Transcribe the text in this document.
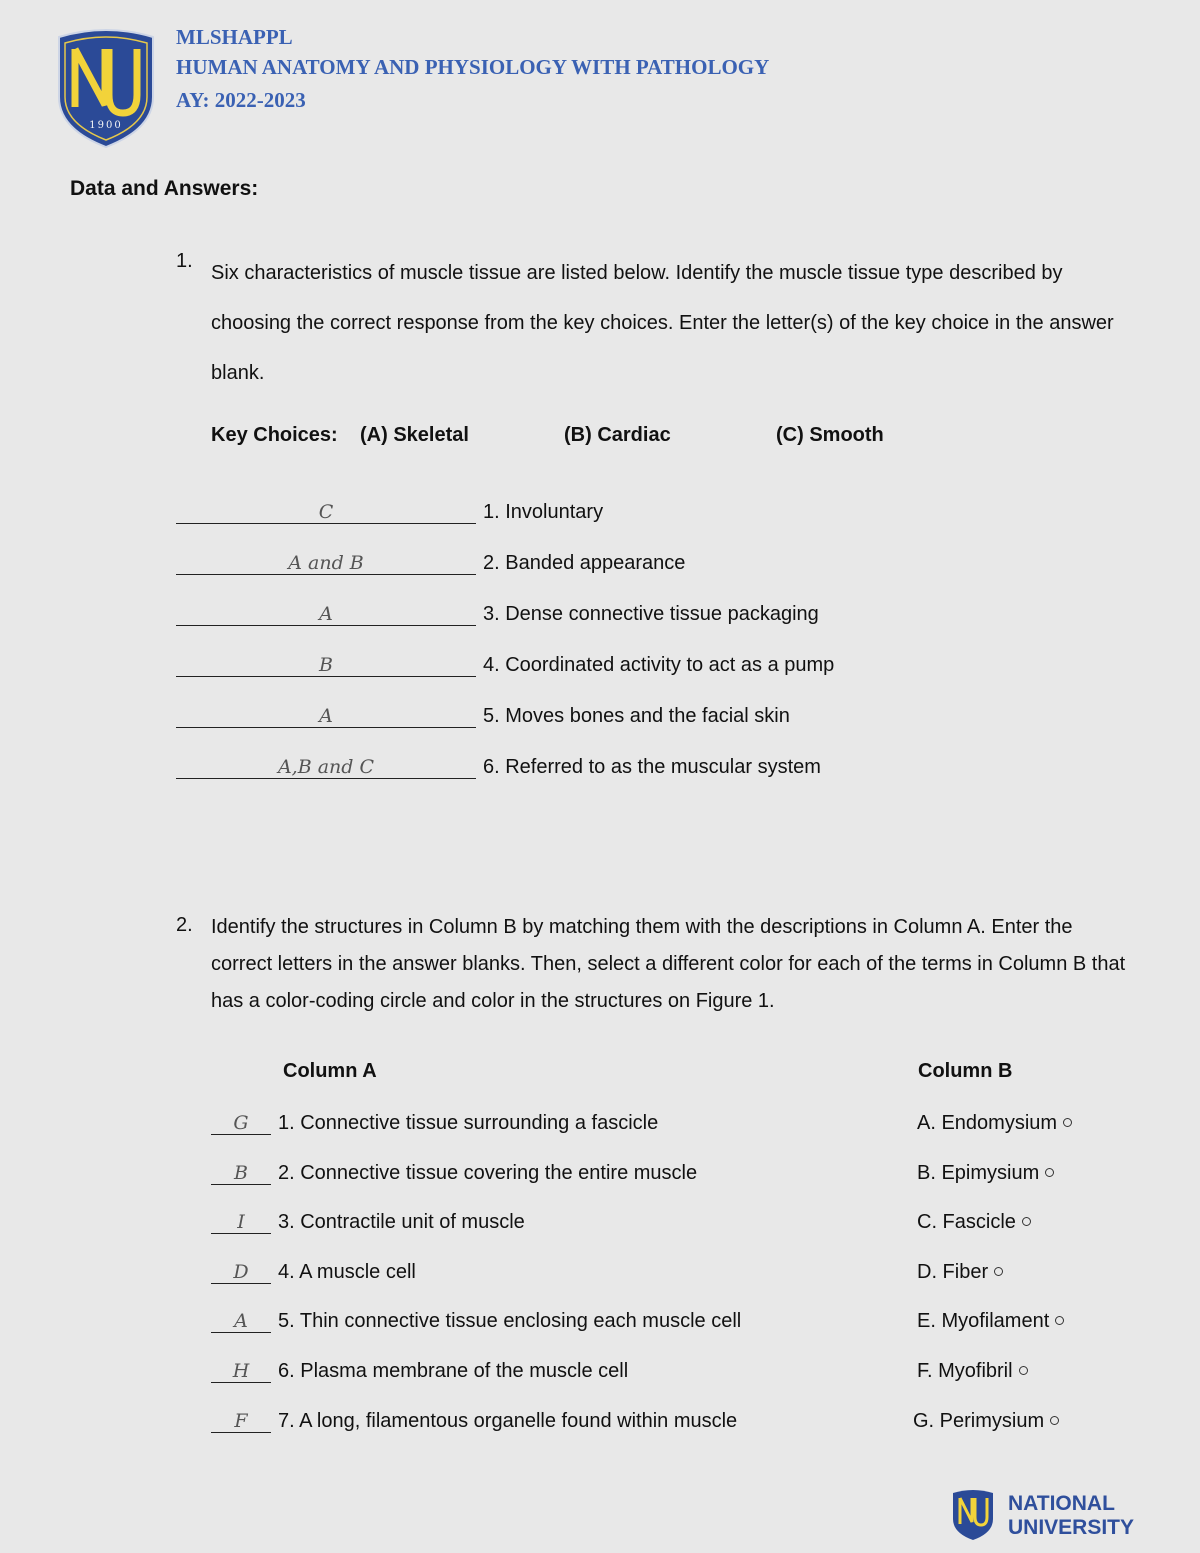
1900
MLSHAPPL
HUMAN ANATOMY AND PHYSIOLOGY WITH PATHOLOGY
AY: 2022-2023
Data and Answers:
1.
Six characteristics of muscle tissue are listed below. Identify the muscle tissue type described by choosing the correct response from the key choices. Enter the letter(s) of the key choice in the answer blank.
Key Choices: (A) Skeletal	(B) Cardiac	(C) Smooth
C	1. Involuntary
A and B	2. Banded appearance
A	3. Dense connective tissue packaging
B	4. Coordinated activity to act as a pump
A	5. Moves bones and the facial skin
A,B and C	6. Referred to as the muscular system
2. Identify the structures in Column B by matching them with the descriptions in Column A. Enter the correct letters in the answer blanks. Then, select a different color for each of the terms in Column B that has a color-coding circle and color in the structures on Figure 1.
Column A	Column B
G 1. Connective tissue surrounding a fascicle	A. Endomysium
B 2. Connective tissue covering the entire muscle	B. Epimysium
I 3. Contractile unit of muscle	C. Fascicle
D 4. A muscle cell	D. Fiber
A 5. Thin connective tissue enclosing each muscle cell	E. Myofilament
H 6. Plasma membrane of the muscle cell	F. Myofibril
F 7. A long, filamentous organelle found within muscle	G. Perimysium
NATIONAL
UNIVERSITY
